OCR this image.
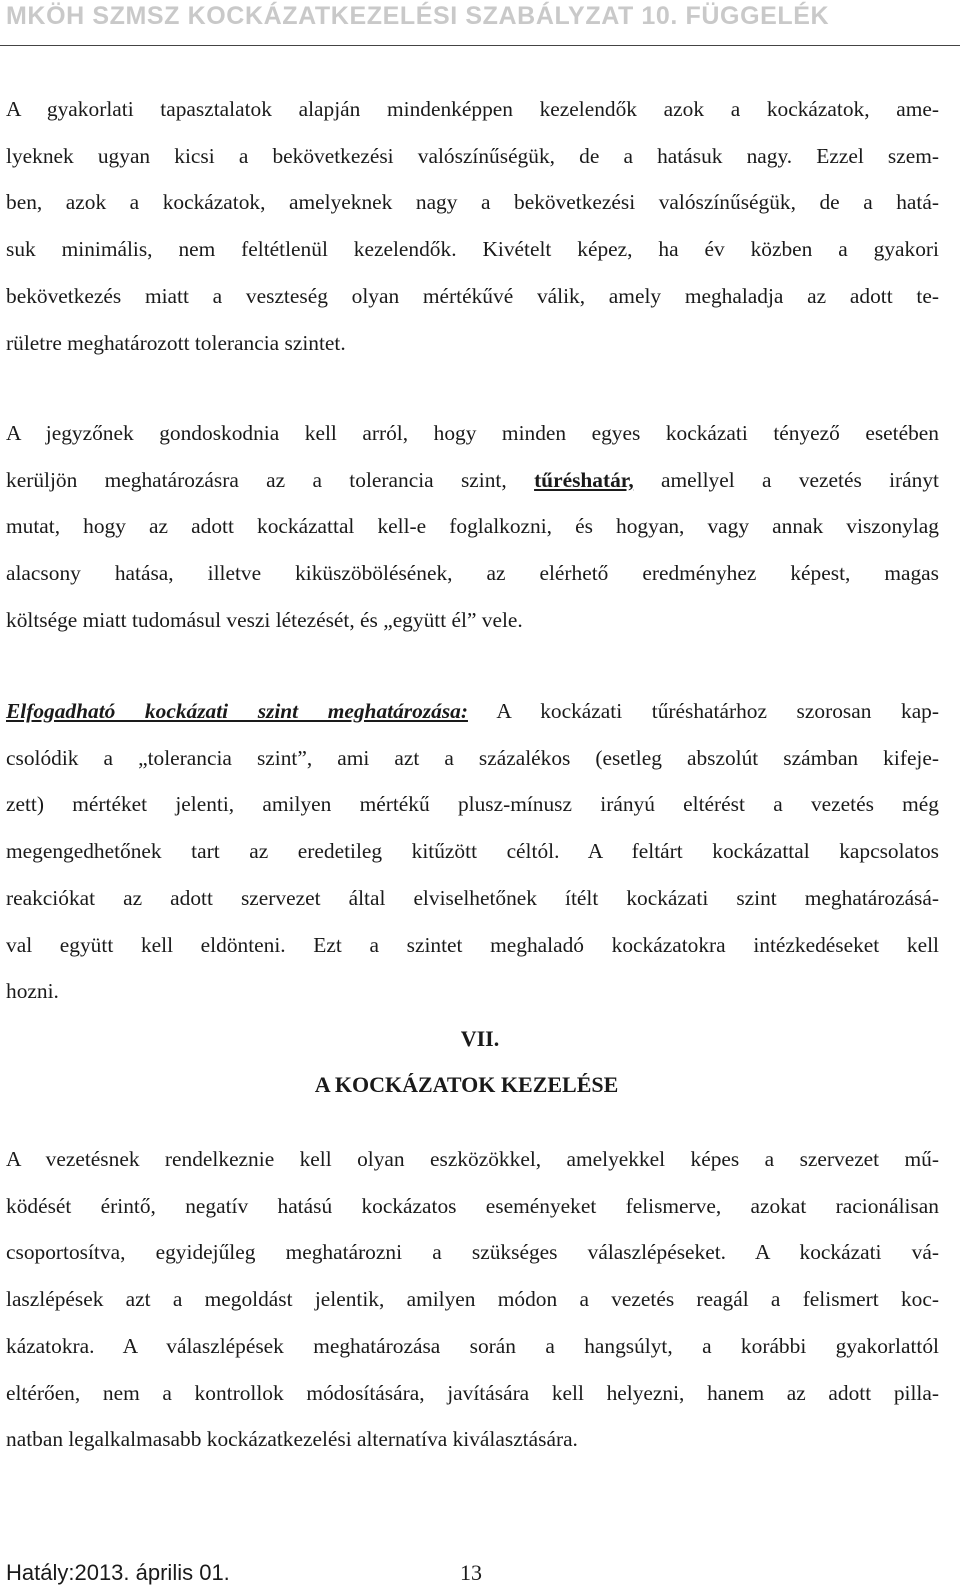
MKÖH SZMSZ KOCKÁZATKEZELÉSI SZABÁLYZAT 10. FÜGGELÉK
A gyakorlati tapasztalatok alapján mindenképpen kezelendők azok a kockázatok, ame-
lyeknek ugyan kicsi a bekövetkezési valószínűségük, de a hatásuk nagy. Ezzel szem-
ben, azok a kockázatok, amelyeknek nagy a bekövetkezési valószínűségük, de a hatá-
suk minimális, nem feltétlenül kezelendők. Kivételt képez, ha év közben a gyakori
bekövetkezés miatt a veszteség olyan mértékűvé válik, amely meghaladja az adott te-
rületre meghatározott tolerancia szintet.
A jegyzőnek gondoskodnia kell arról, hogy minden egyes kockázati tényező esetében
kerüljön meghatározásra az a tolerancia szint, tűréshatár, amellyel a vezetés irányt
mutat, hogy az adott kockázattal kell-e foglalkozni, és hogyan, vagy annak viszonylag
alacsony hatása, illetve kiküszöbölésének, az elérhető eredményhez képest, magas
költsége miatt tudomásul veszi létezését, és „együtt él” vele.
Elfogadható kockázati szint meghatározása: A kockázati tűréshatárhoz szorosan kap-
csolódik a „tolerancia szint”, ami azt a százalékos (esetleg abszolút számban kifeje-
zett) mértéket jelenti, amilyen mértékű plusz-mínusz irányú eltérést a vezetés még
megengedhetőnek tart az eredetileg kitűzött céltól. A feltárt kockázattal kapcsolatos
reakciókat az adott szervezet által elviselhetőnek ítélt kockázati szint meghatározásá-
val együtt kell eldönteni. Ezt a szintet meghaladó kockázatokra intézkedéseket kell
hozni.
VII.
A KOCKÁZATOK KEZELÉSE
A vezetésnek rendelkeznie kell olyan eszközökkel, amelyekkel képes a szervezet mű-
ködését érintő, negatív hatású kockázatos eseményeket felismerve, azokat racionálisan
csoportosítva, egyidejűleg meghatározni a szükséges válaszlépéseket. A kockázati vá-
laszlépések azt a megoldást jelentik, amilyen módon a vezetés reagál a felismert koc-
kázatokra. A válaszlépések meghatározása során a hangsúlyt, a korábbi gyakorlattól
eltérően, nem a kontrollok módosítására, javítására kell helyezni, hanem az adott pilla-
natban legalkalmasabb kockázatkezelési alternatíva kiválasztására.
Hatály:2013. április 01.	13
